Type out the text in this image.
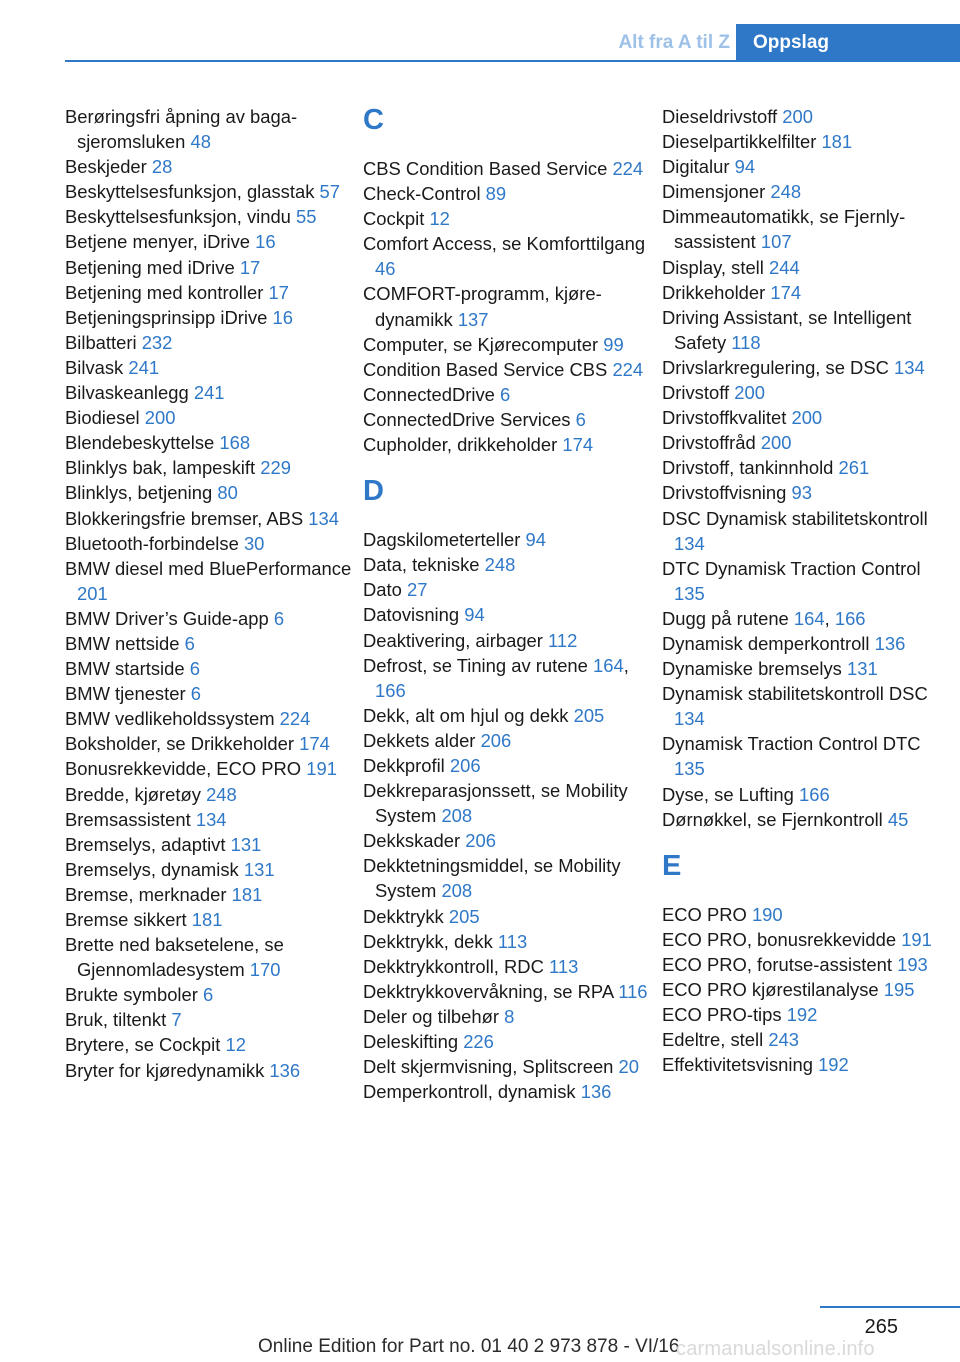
Alt fra A til Z	Oppslag
Berøringsfri åpning av bagasjeromsluken 48
Beskjeder 28
Beskyttelsesfunksjon, glasstak 57
Beskyttelsesfunksjon, vindu 55
Betjene menyer, iDrive 16
Betjening med iDrive 17
Betjening med kontroller 17
Betjeningsprinsipp iDrive 16
Bilbatteri 232
Bilvask 241
Bilvaskeanlegg 241
Biodiesel 200
Blendebeskyttelse 168
Blinklys bak, lampeskift 229
Blinklys, betjening 80
Blokkeringsfrie bremser, ABS 134
Bluetooth-forbindelse 30
BMW diesel med BluePerformance 201
BMW Driver’s Guide-app 6
BMW nettside 6
BMW startside 6
BMW tjenester 6
BMW vedlikeholdssystem 224
Boksholder, se Drikkeholder 174
Bonusrekkevidde, ECO PRO 191
Bredde, kjøretøy 248
Bremsassistent 134
Bremselys, adaptivt 131
Bremselys, dynamisk 131
Bremse, merknader 181
Bremse sikkert 181
Brette ned baksetelene, se Gjennomladesystem 170
Brukte symboler 6
Bruk, tiltenkt 7
Brytere, se Cockpit 12
Bryter for kjøredynamikk 136
C
CBS Condition Based Service 224
Check-Control 89
Cockpit 12
Comfort Access, se Komforttilgang 46
COMFORT-programm, kjøredynamikk 137
Computer, se Kjørecomputer 99
Condition Based Service CBS 224
ConnectedDrive 6
ConnectedDrive Services 6
Cupholder, drikkeholder 174
D
Dagskilometerteller 94
Data, tekniske 248
Dato 27
Datovisning 94
Deaktivering, airbager 112
Defrost, se Tining av rutene 164, 166
Dekk, alt om hjul og dekk 205
Dekkets alder 206
Dekkprofil 206
Dekkreparasjonssett, se Mobility System 208
Dekkskader 206
Dekktetningsmiddel, se Mobility System 208
Dekktrykk 205
Dekktrykk, dekk 113
Dekktrykkontroll, RDC 113
Dekktrykkovervåkning, se RPA 116
Deler og tilbehør 8
Deleskifting 226
Delt skjermvisning, Splitscreen 20
Demperkontroll, dynamisk 136
Dieseldrivstoff 200
Dieselpartikkelfilter 181
Digitalur 94
Dimensjoner 248
Dimmeautomatikk, se Fjernlysassistent 107
Display, stell 244
Drikkeholder 174
Driving Assistant, se Intelligent Safety 118
Drivslarkregulering, se DSC 134
Drivstoff 200
Drivstoffkvalitet 200
Drivstoffråd 200
Drivstoff, tankinnhold 261
Drivstoffvisning 93
DSC Dynamisk stabilitetskontroll 134
DTC Dynamisk Traction Control 135
Dugg på rutene 164, 166
Dynamisk demperkontroll 136
Dynamiske bremselys 131
Dynamisk stabilitetskontroll DSC 134
Dynamisk Traction Control DTC 135
Dyse, se Lufting 166
Dørnøkkel, se Fjernkontroll 45
E
ECO PRO 190
ECO PRO, bonusrekkevidde 191
ECO PRO, forutse-assistent 193
ECO PRO kjørestilanalyse 195
ECO PRO-tips 192
Edeltre, stell 243
Effektivitetsvisning 192
265
Online Edition for Part no. 01 40 2 973 878 - VI/16
carmanualsonline.info
